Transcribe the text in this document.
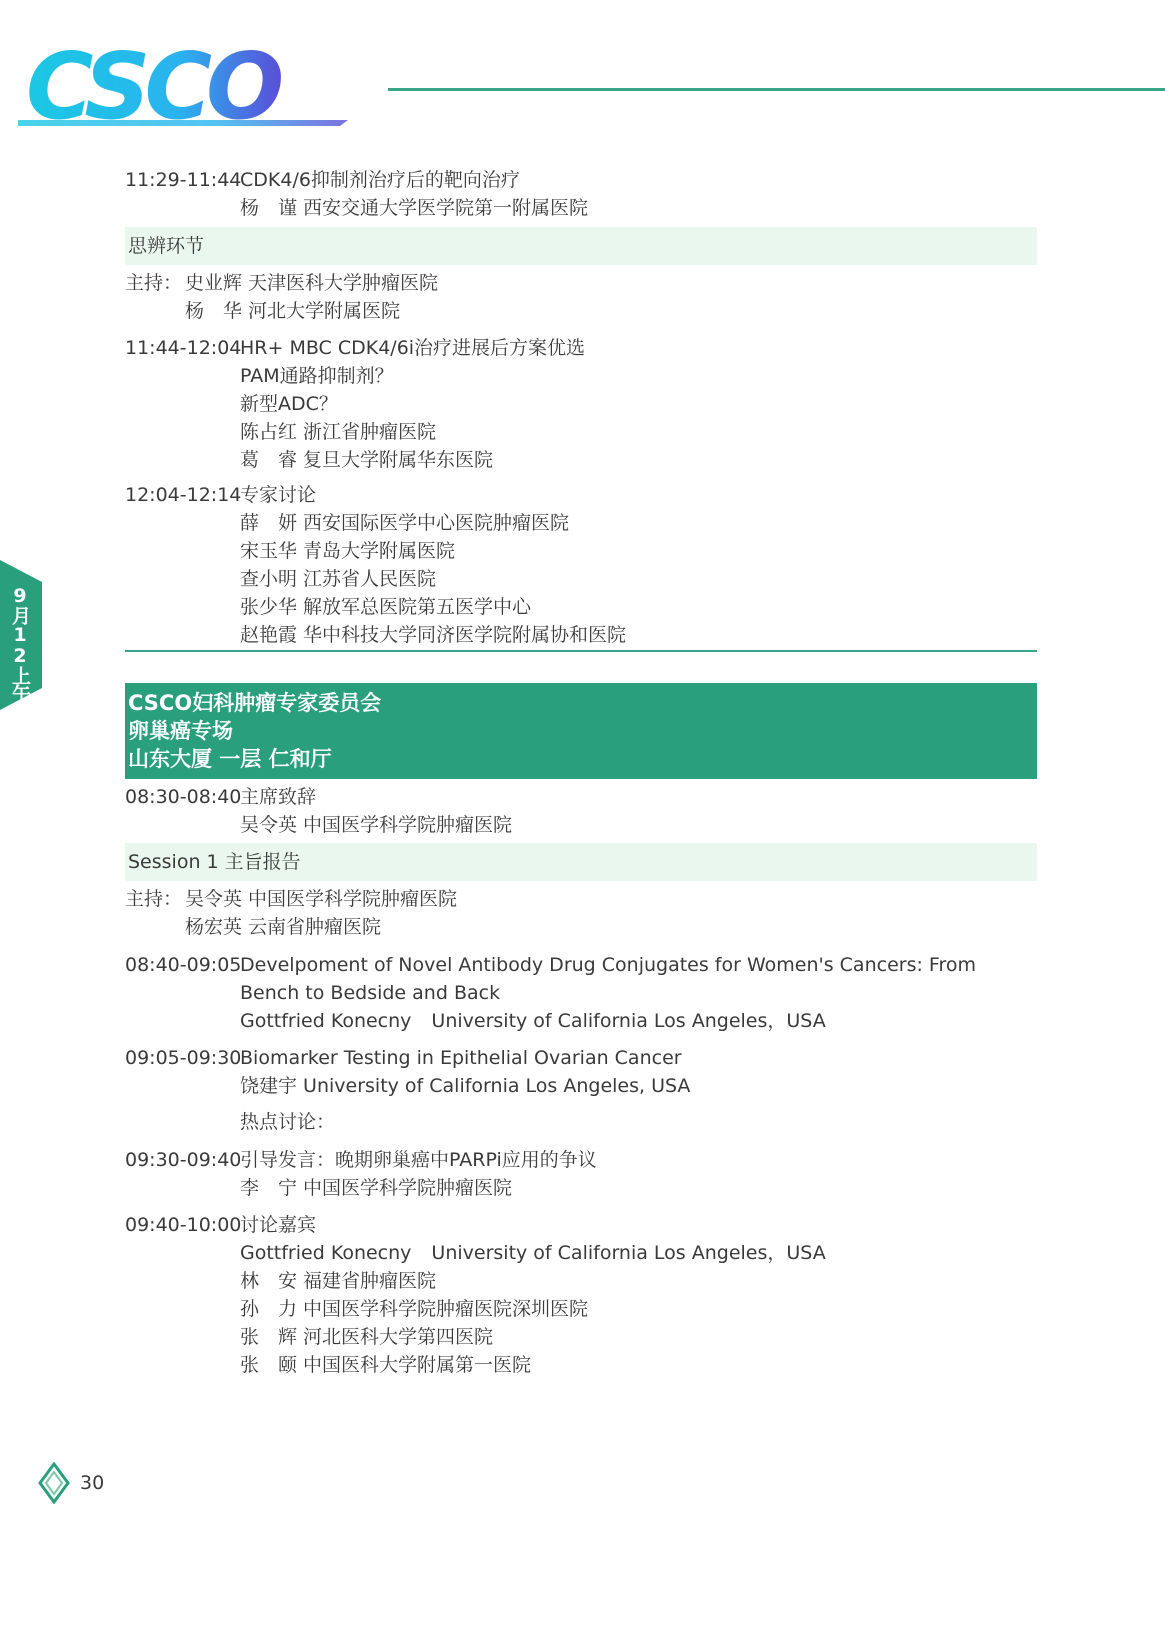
CSCO
9月12上午
11:29-11:44
CDK4/6抑制剂治疗后的靶向治疗
杨　谨 西安交通大学医学院第一附属医院
思辨环节
主持： 史业辉 天津医科大学肿瘤医院
杨　华 河北大学附属医院
11:44-12:04
HR+ MBC CDK4/6i治疗进展后方案优选
PAM通路抑制剂？
新型ADC？
陈占红 浙江省肿瘤医院
葛　睿 复旦大学附属华东医院
12:04-12:14
专家讨论
薛　妍 西安国际医学中心医院肿瘤医院
宋玉华 青岛大学附属医院
查小明 江苏省人民医院
张少华 解放军总医院第五医学中心
赵艳霞 华中科技大学同济医学院附属协和医院
CSCO妇科肿瘤专家委员会
卵巢癌专场
山东大厦 一层 仁和厅
08:30-08:40
主席致辞
吴令英 中国医学科学院肿瘤医院
Session 1 主旨报告
主持： 吴令英 中国医学科学院肿瘤医院
杨宏英 云南省肿瘤医院
08:40-09:05
Develpoment of Novel Antibody Drug Conjugates for Women's Cancers: From Bench to Bedside and Back
Gottfried Konecny University of California Los Angeles，USA
09:05-09:30
Biomarker Testing in Epithelial Ovarian Cancer
饶建宇 University of California Los Angeles, USA
热点讨论：
09:30-09:40
引导发言：晚期卵巢癌中PARPi应用的争议
李　宁 中国医学科学院肿瘤医院
09:40-10:00
讨论嘉宾
Gottfried Konecny University of California Los Angeles，USA
林　安 福建省肿瘤医院
孙　力 中国医学科学院肿瘤医院深圳医院
张　辉 河北医科大学第四医院
张　颐 中国医科大学附属第一医院
30
